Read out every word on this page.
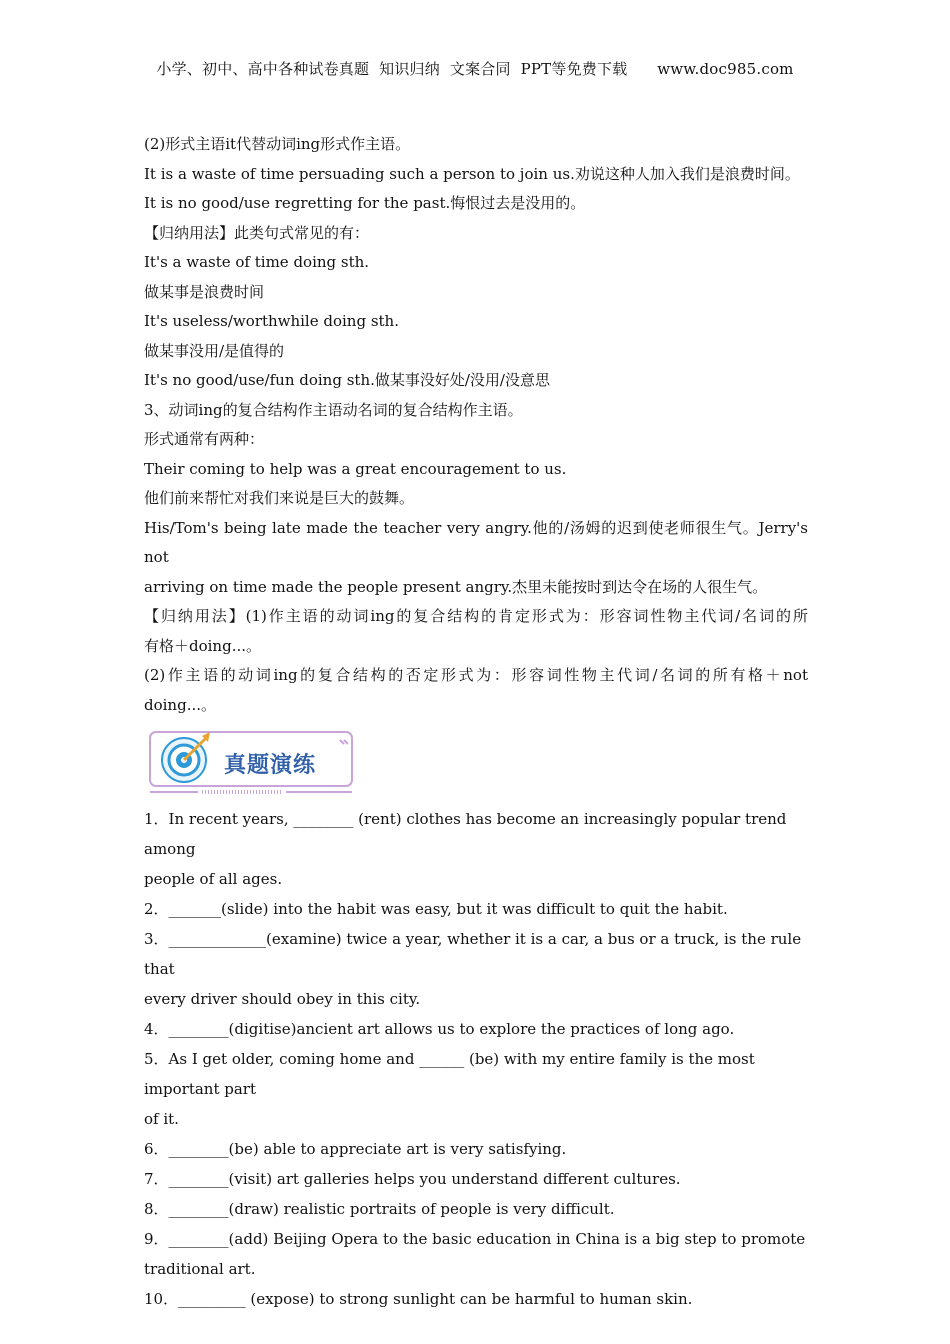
小学、初中、高中各种试卷真题  知识归纳  文案合同  PPT等免费下载      www.doc985.com
(2)形式主语it代替动词ing形式作主语。
It is a waste of time persuading such a person to join us.劝说这种人加入我们是浪费时间。
It is no good/use regretting for the past.悔恨过去是没用的。
【归纳用法】此类句式常见的有：
It's a waste of time doing sth.
做某事是浪费时间
It's useless/worthwhile doing sth.
做某事没用/是值得的
It's no good/use/fun doing sth.做某事没好处/没用/没意思
3、动词ing的复合结构作主语动名词的复合结构作主语。
形式通常有两种：
Their coming to help was a great encouragement to us.
他们前来帮忙对我们来说是巨大的鼓舞。
His/Tom's being late made the teacher very angry.他的/汤姆的迟到使老师很生气。Jerry's not
arriving on time made the people present angry.杰里未能按时到达令在场的人很生气。
【归纳用法】(1)作主语的动词ing的复合结构的肯定形式为：形容词性物主代词/名词的所
有格＋doing...。
(2)作主语的动词ing的复合结构的否定形式为：形容词性物主代词/名词的所有格＋not
doing...。
真题演练
1．In recent years, ________ (rent) clothes has become an increasingly popular trend among
people of all ages.
2．_______(slide) into the habit was easy, but it was difficult to quit the habit.
3．_____________(examine) twice a year, whether it is a car, a bus or a truck, is the rule that
every driver should obey in this city.
4．________(digitise)ancient art allows us to explore the practices of long ago.
5．As I get older, coming home and ______ (be) with my entire family is the most important part
of it.
6．________(be) able to appreciate art is very satisfying.
7．________(visit) art galleries helps you understand different cultures.
8．________(draw) realistic portraits of people is very difficult.
9．________(add) Beijing Opera to the basic education in China is a big step to promote
traditional art.
10．_________ (expose) to strong sunlight can be harmful to human skin.
